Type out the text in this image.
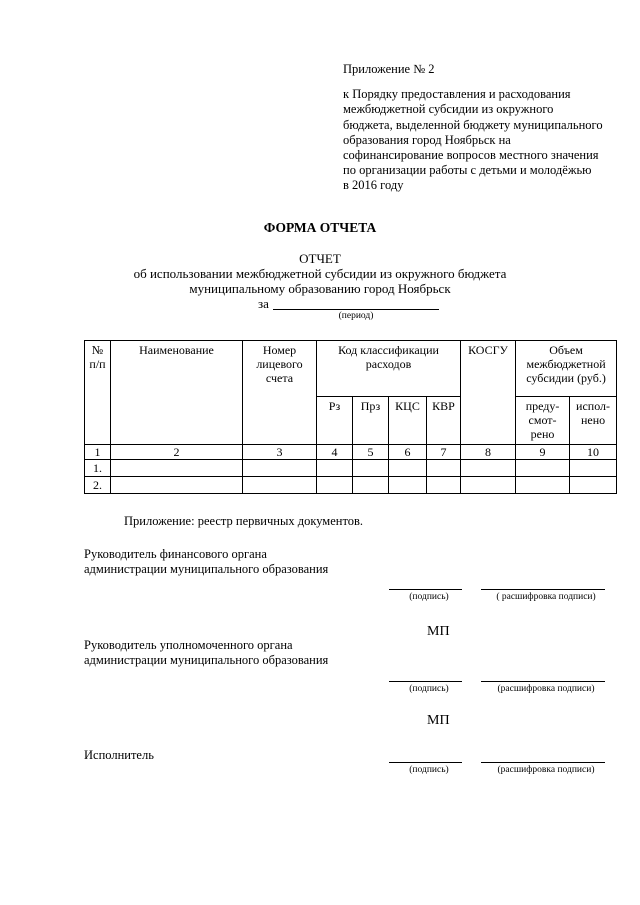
Приложение № 2
к Порядку предоставления и расходования
межбюджетной субсидии из окружного
бюджета, выделенной бюджету муниципального
образования город Ноябрьск на
софинансирование вопросов местного значения
по организации работы с детьми и молодёжью
в 2016 году
ФОРМА ОТЧЕТА
ОТЧЕТ
об использовании межбюджетной субсидии из окружного бюджета
муниципальному образованию город Ноябрьск
за
(период)
№ п/п	Наименование	Номер лицевого счета	Код классификации расходов				КОСГУ	Объем межбюджетной субсидии (руб.)	
			Рз	Прз	КЦС	КВР		преду-смот-рено	испол-нено
1	2	3	4	5	6	7	8	9	10
1.									
2.									
Приложение: реестр первичных документов.
Руководитель финансового органа администрации муниципального образования
(подпись)	( расшифровка подписи)
МП
Руководитель уполномоченного органа администрации муниципального образования
(подпись)	(расшифровка подписи)
МП
Исполнитель
(подпись)	(расшифровка подписи)
